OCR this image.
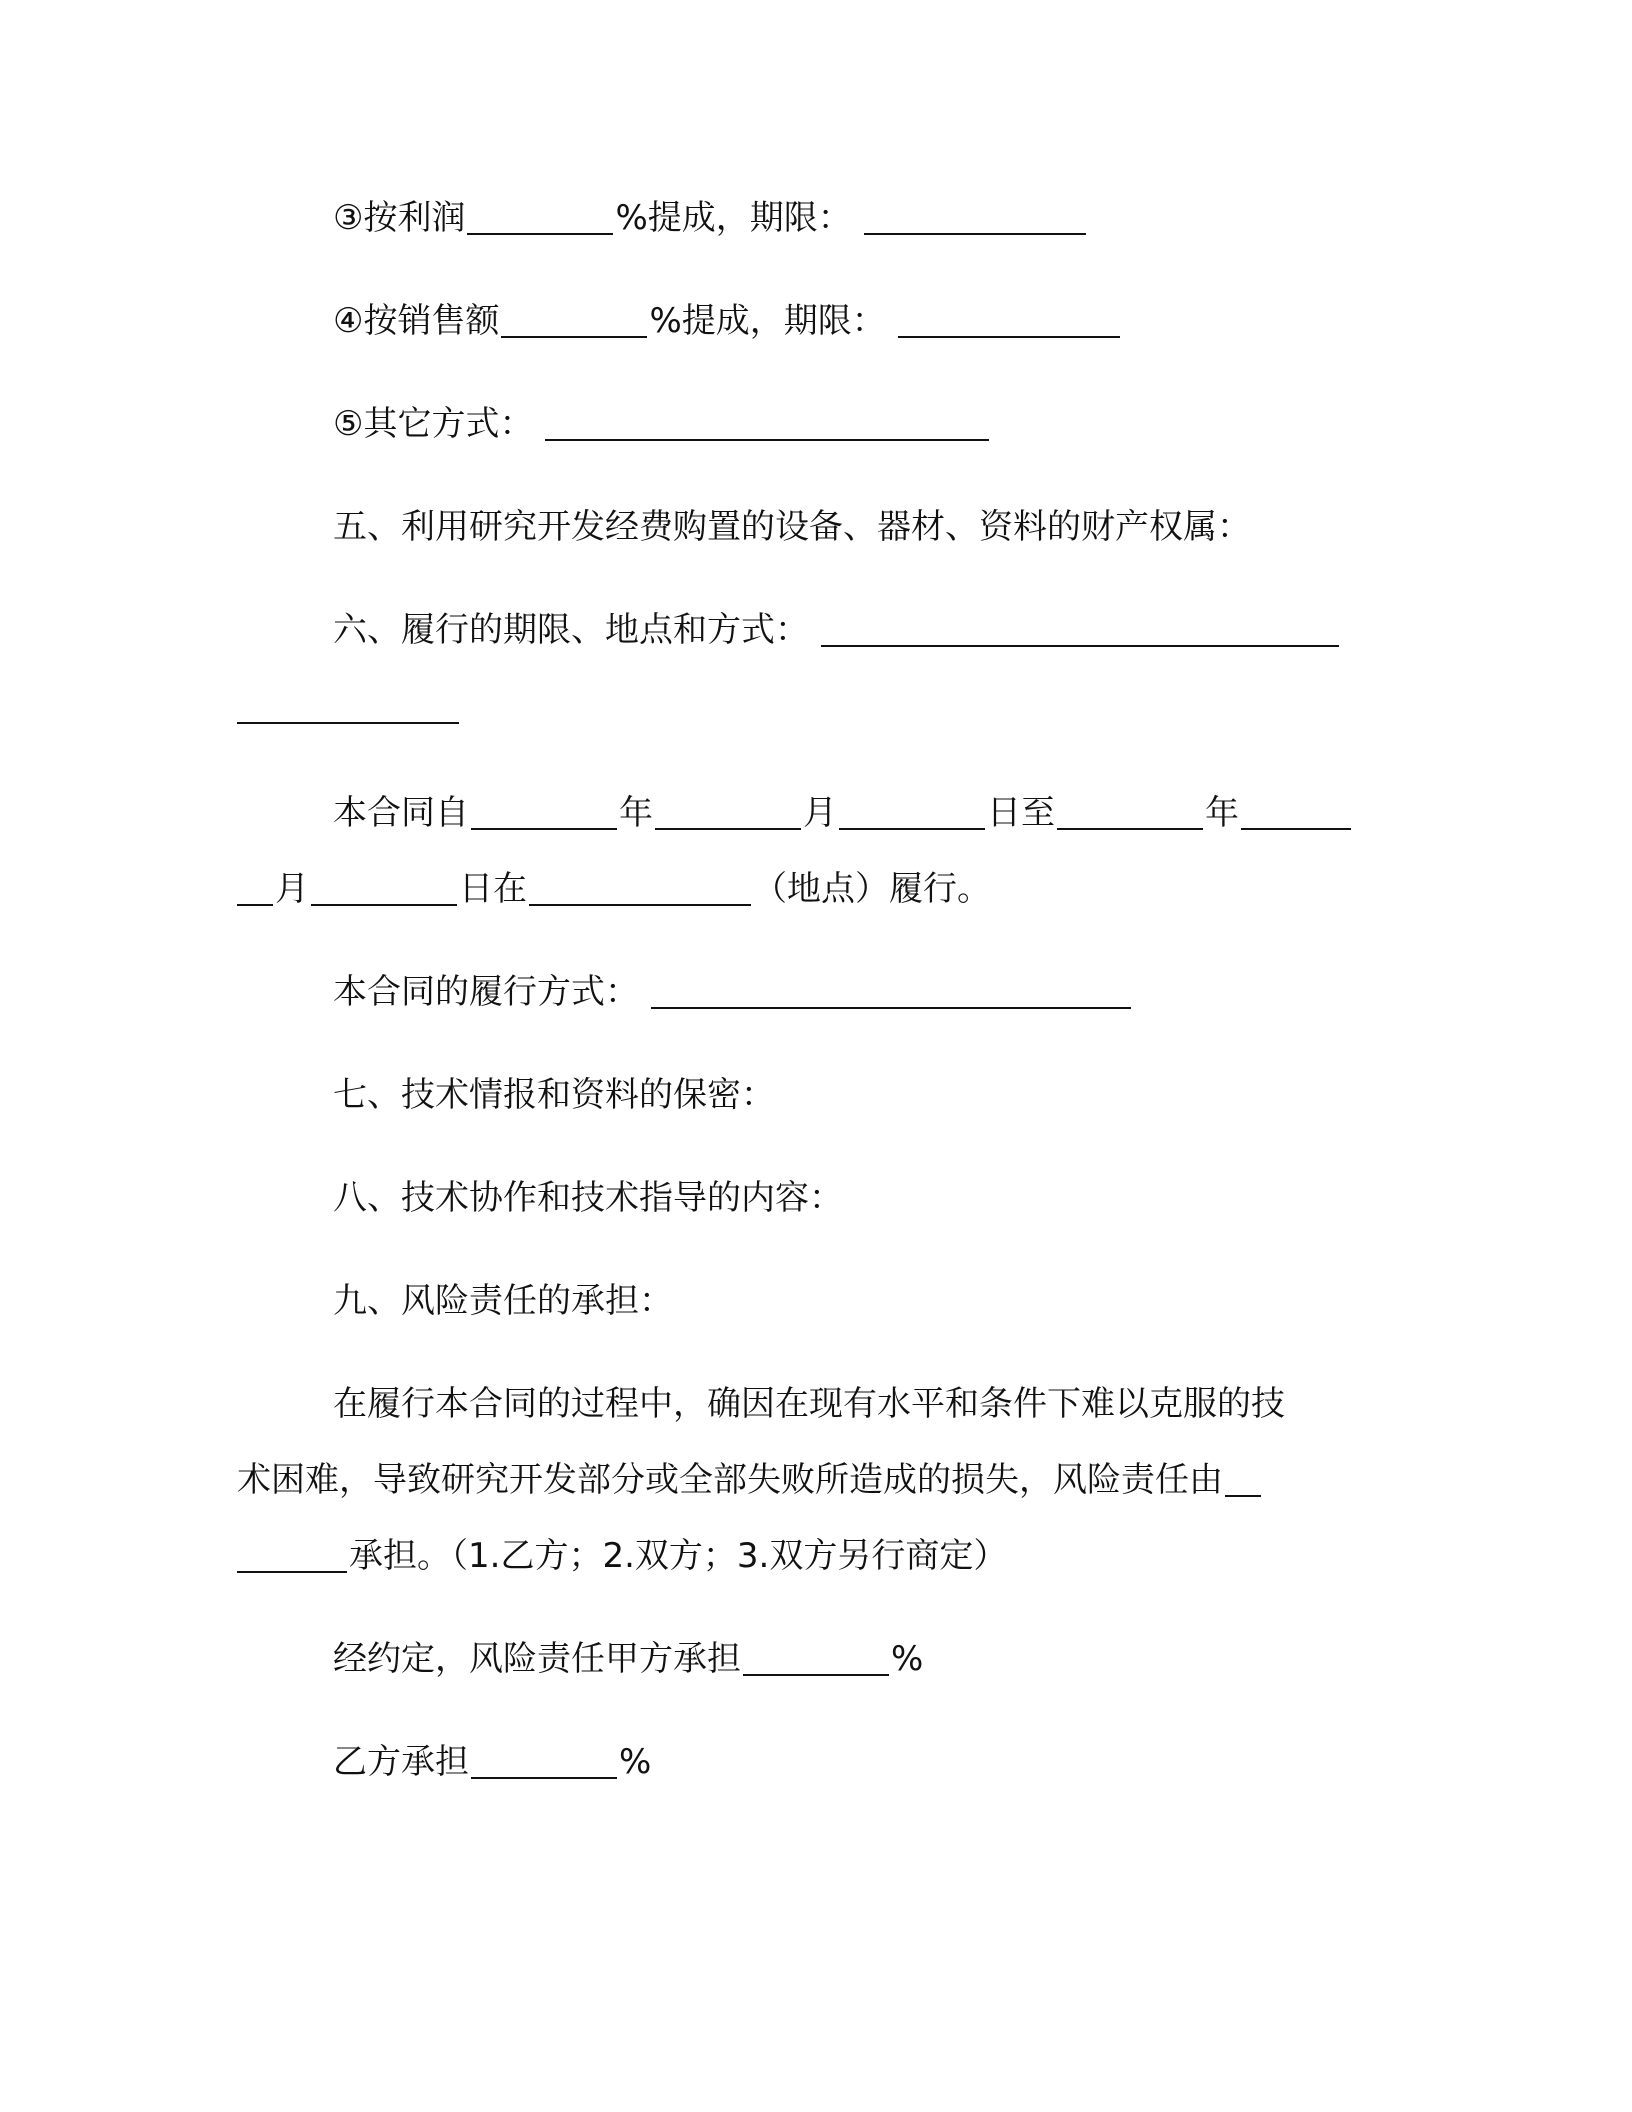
③按利润	%提成，期限：
④按销售额	%提成，期限：
⑤其它方式：
五、利用研究开发经费购置的设备、器材、资料的财产权属：
六、履行的期限、地点和方式：
本合同自	年	月	日至	年
月	日在	（地点）履行。
本合同的履行方式：
七、技术情报和资料的保密：
八、技术协作和技术指导的内容：
九、风险责任的承担：
在履行本合同的过程中，确因在现有水平和条件下难以克服的技
术困难，导致研究开发部分或全部失败所造成的损失，风险责任由
承担。（1.乙方；2.双方；3.双方另行商定）
经约定，风险责任甲方承担	%
乙方承担	%
